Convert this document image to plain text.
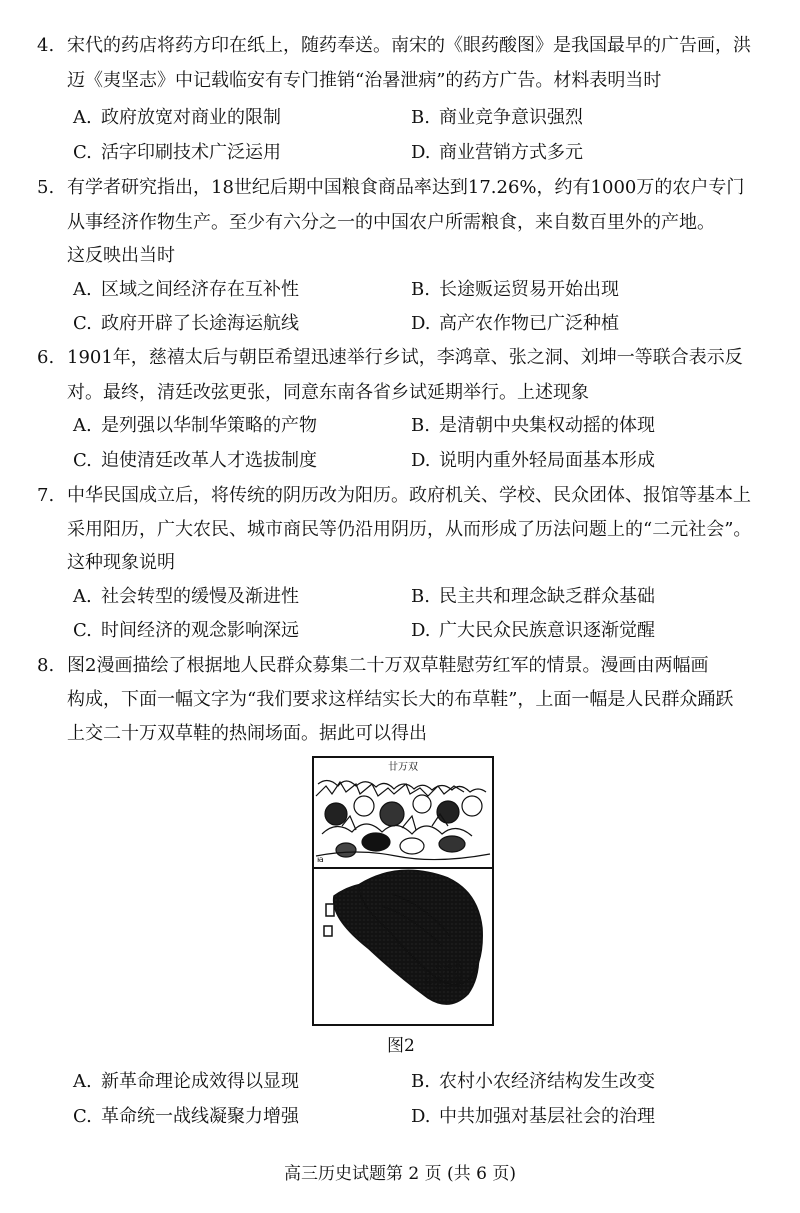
4. 宋代的药店将药方印在纸上，随药奉送。南宋的《眼药酸图》是我国最早的广告画，洪
迈《夷坚志》中记载临安有专门推销“治暑泄病”的药方广告。材料表明当时
A. 政府放宽对商业的限制	B. 商业竞争意识强烈
C. 活字印刷技术广泛运用	D. 商业营销方式多元
5. 有学者研究指出，18世纪后期中国粮食商品率达到17.26%，约有1000万的农户专门
从事经济作物生产。至少有六分之一的中国农户所需粮食，来自数百里外的产地。
这反映出当时
A. 区域之间经济存在互补性	B. 长途贩运贸易开始出现
C. 政府开辟了长途海运航线	D. 高产农作物已广泛种植
6. 1901年，慈禧太后与朝臣希望迅速举行乡试，李鸿章、张之洞、刘坤一等联合表示反
对。最终，清廷改弦更张，同意东南各省乡试延期举行。上述现象
A. 是列强以华制华策略的产物	B. 是清朝中央集权动摇的体现
C. 迫使清廷改革人才选拔制度	D. 说明内重外轻局面基本形成
7. 中华民国成立后，将传统的阴历改为阳历。政府机关、学校、民众团体、报馆等基本上
采用阳历，广大农民、城市商民等仍沿用阴历，从而形成了历法问题上的“二元社会”。
这种现象说明
A. 社会转型的缓慢及渐进性	B. 民主共和理念缺乏群众基础
C. 时间经济的观念影响深远	D. 广大民众民族意识逐渐觉醒
8. 图2漫画描绘了根据地人民群众募集二十万双草鞋慰劳红军的情景。漫画由两幅画
构成，下面一幅文字为“我们要求这样结实长大的布草鞋”，上面一幅是人民群众踊跃
上交二十万双草鞋的热闹场面。据此可以得出
廿万双
ꙗ
我们要求
这样结实
长大的布
草鞋
图2
A. 新革命理论成效得以显现	B. 农村小农经济结构发生改变
C. 革命统一战线凝聚力增强	D. 中共加强对基层社会的治理
高三历史试题第 2 页 (共 6 页)
